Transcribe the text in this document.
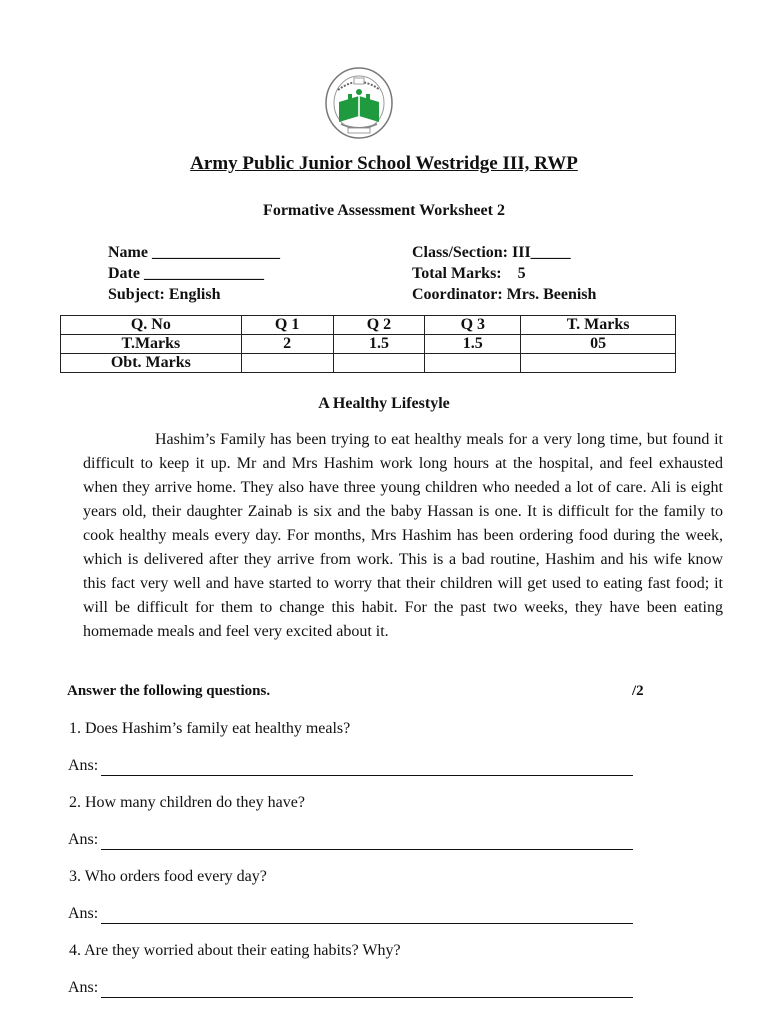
Army Public Junior School Westridge III, RWP
Formative Assessment Worksheet 2
Name ________________
Date _______________
Subject: English
Class/Section: III_____
Total Marks:    5
Coordinator: Mrs. Beenish
Q. No	Q 1	Q 2	Q 3	T. Marks
T.Marks	2	1.5	1.5	05
Obt. Marks				
A Healthy Lifestyle

Hashim’s Family has been trying to eat healthy meals for a very long time, but found it difficult to keep it up. Mr and Mrs Hashim work long hours at the hospital, and feel exhausted when they arrive home. They also have three young children who needed a lot of care. Ali is eight years old, their daughter Zainab is six and the baby Hassan is one. It is difficult for the family to cook healthy meals every day. For months, Mrs Hashim has been ordering food during the week, which is delivered after they arrive from work. This is a bad routine, Hashim and his wife know this fact very well and have started to worry that their children will get used to eating fast food; it will be difficult for them to change this habit. For the past two weeks, they have been eating homemade meals and feel very excited about it.

Answer the following questions.	/2
1. Does Hashim’s family eat healthy meals?
Ans:
2. How many children do they have?
Ans:
3. Who orders food every day?
Ans:
4. Are they worried about their eating habits? Why?
Ans:
